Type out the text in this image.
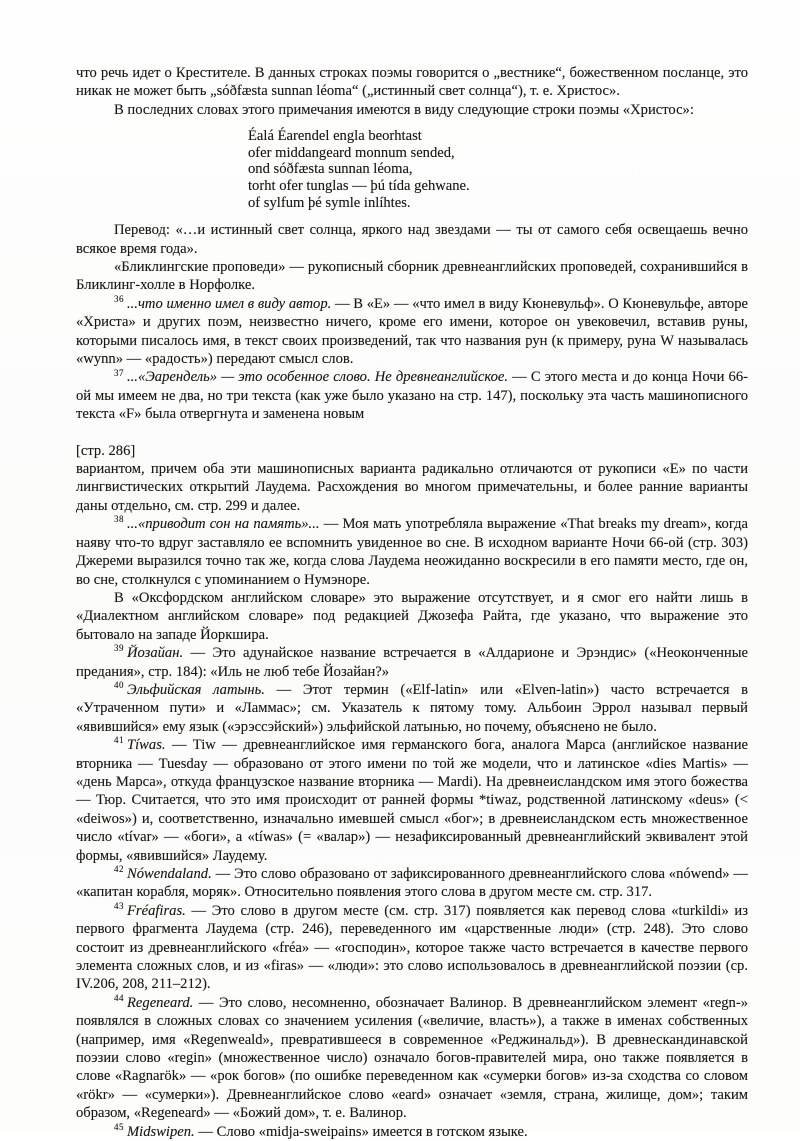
что речь идет о Крестителе. В данных строках поэмы говорится о „вестнике“, божественном посланце, это никак не может быть „sóðfæsta sunnan léoma“ („истинный свет солнца“), т. е. Христос».

В последних словах этого примечания имеются в виду следующие строки поэмы «Христос»:

Éalá Éarendel engla beorhtast
ofer middangeard monnum sended,
ond sóðfæsta sunnan léoma,
torht ofer tunglas — þú tída gehwane.
of sylfum þé symle inlíhtes.

Перевод: «…и истинный свет солнца, яркого над звездами — ты от самого себя освещаешь вечно всякое время года».

«Бликлингские проповеди» — рукописный сборник древнеанглийских проповедей, сохранившийся в Бликлинг-холле в Норфолке.

$^{36}$ ...что именно имел в виду автор. — В «Е» — «что имел в виду Кюневульф». О Кюневульфе, авторе «Христа» и других поэм, неизвестно ничего, кроме его имени, которое он увековечил, вставив руны, которыми писалось имя, в текст своих произведений, так что названия рун (к примеру, руна W называлась «wynn» — «радость») передают смысл слов.

$^{37}$ ...«Эарендель» — это особенное слово. Не древнеанглийское. — С этого места и до конца Ночи 66-ой мы имеем не два, но три текста (как уже было указано на стр. 147), поскольку эта часть машинописного текста «F» была отвергнута и заменена новым

[стр. 286]

вариантом, причем оба эти машинописных варианта радикально отличаются от рукописи «Е» по части лингвистических открытий Лаудема. Расхождения во многом примечательны, и более ранние варианты даны отдельно, см. стр. 299 и далее.

$^{38}$ ...«приводит сон на память»... — Моя мать употребляла выражение «That breaks my dream», когда наяву что-то вдруг заставляло ее вспомнить увиденное во сне. В исходном варианте Ночи 66-ой (стр. 303) Джереми выразился точно так же, когда слова Лаудема неожиданно воскресили в его памяти место, где он, во сне, столкнулся с упоминанием о Нумэноре.

В «Оксфордском английском словаре» это выражение отсутствует, и я смог его найти лишь в «Диалектном английском словаре» под редакцией Джозефа Райта, где указано, что выражение это бытовало на западе Йоркшира.

$^{39}$ Йозайан. — Это адунайское название встречается в «Алдарионе и Эрэндис» («Неоконченные предания», стр. 184): «Иль не люб тебе Йозайан?»

$^{40}$ Эльфийская латынь. — Этот термин («Elf-latin» или «Elven-latin») часто встречается в «Утраченном пути» и «Ламмас»; см. Указатель к пятому тому. Альбоин Эррол называл первый «явившийся» ему язык («эрэссэйский») эльфийской латынью, но почему, объяснено не было.

$^{41}$ Tíwas. — Tiw — древнеанглийское имя германского бога, аналога Марса (английское название вторника — Tuesday — образовано от этого имени по той же модели, что и латинское «dies Martis» — «день Марса», откуда французское название вторника — Mardi). На древнеисландском имя этого божества — Тюр. Считается, что это имя происходит от ранней формы *tiwaz, родственной латинскому «deus» (< «deiwos») и, соответственно, изначально имевшей смысл «бог»; в древнеисландском есть множественное число «tívar» — «боги», а «tíwas» (= «валар») — незафиксированный древнеанглийский эквивалент этой формы, «явившийся» Лаудему.

$^{42}$ Nówendaland. — Это слово образовано от зафиксированного древнеанглийского слова «nówend» — «капитан корабля, моряк». Относительно появления этого слова в другом месте см. стр. 317.

$^{43}$ Fréafiras. — Это слово в другом месте (см. стр. 317) появляется как перевод слова «turkildi» из первого фрагмента Лаудема (стр. 246), переведенного им «царственные люди» (стр. 248). Это слово состоит из древнеанглийского «fréa» — «господин», которое также часто встречается в качестве первого элемента сложных слов, и из «firas» — «люди»: это слово использовалось в древнеанглийской поэзии (ср. IV.206, 208, 211–212).

$^{44}$ Regeneard. — Это слово, несомненно, обозначает Валинор. В древнеанглийском элемент «regn-» появлялся в сложных словах со значением усиления («величие, власть»), а также в именах собственных (например, имя «Regenweald», превратившееся в современное «Реджинальд»). В древнескандинавской поэзии слово «regin» (множественное число) означало богов-правителей мира, оно также появляется в слове «Ragnarök» — «рок богов» (по ошибке переведенном как «сумерки богов» из-за сходства со словом «rökr» — «сумерки»). Древнеанглийское слово «eard» означает «земля, страна, жилище, дом»; таким образом, «Regeneard» — «Божий дом», т. е. Валинор.

$^{45}$ Midswipen. — Слово «midja-sweipains» имеется в готском языке.
